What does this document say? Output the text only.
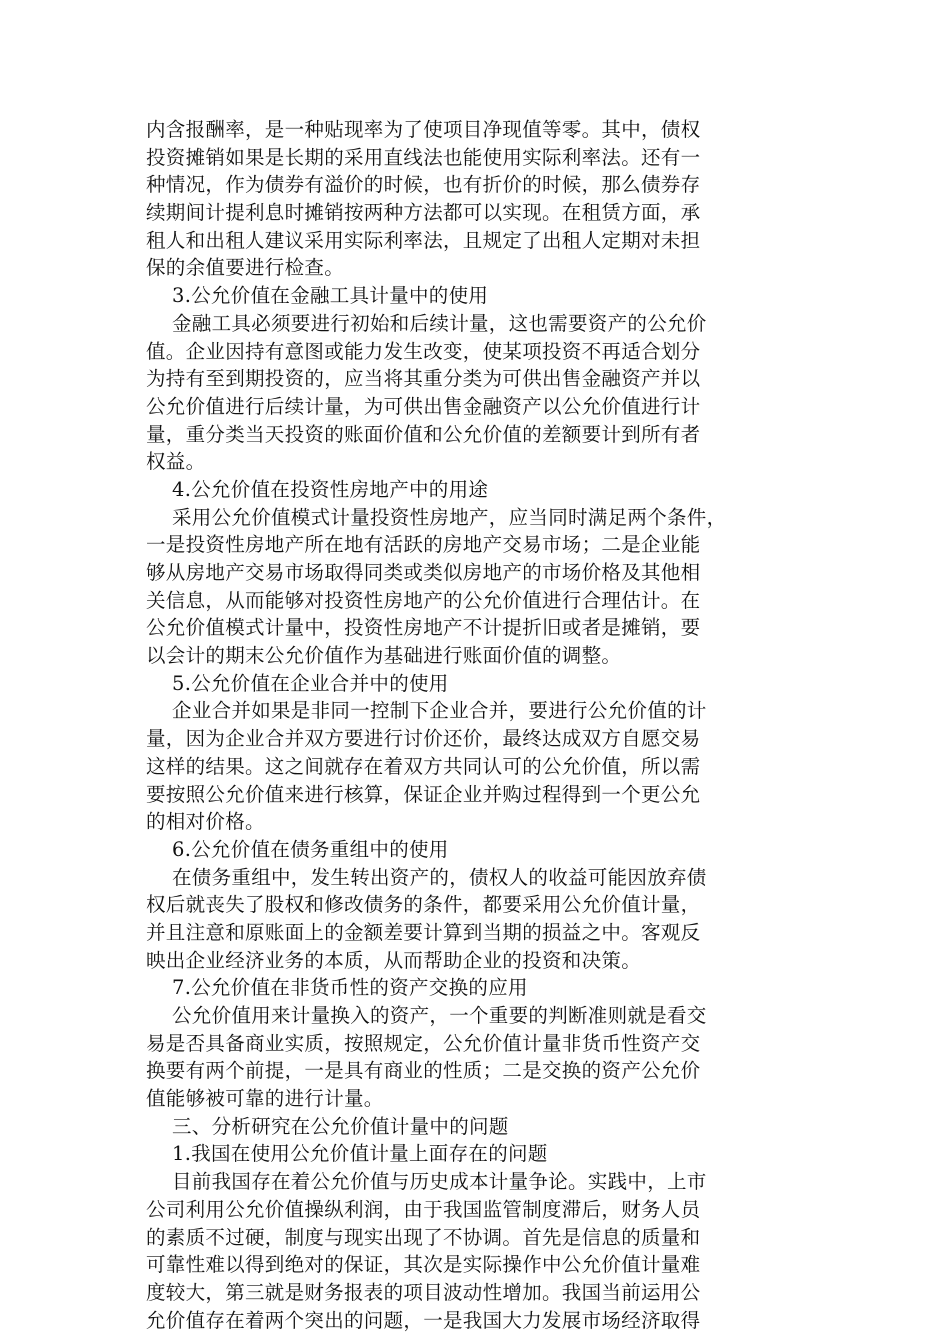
内含报酬率，是一种贴现率为了使项目净现值等零。其中，债权
投资摊销如果是长期的采用直线法也能使用实际利率法。还有一
种情况，作为债券有溢价的时候，也有折价的时候，那么债券存
续期间计提利息时摊销按两种方法都可以实现。在租赁方面，承
租人和出租人建议采用实际利率法，且规定了出租人定期对未担
保的余值要进行检查。
3.公允价值在金融工具计量中的使用
金融工具必须要进行初始和后续计量，这也需要资产的公允价
值。企业因持有意图或能力发生改变，使某项投资不再适合划分
为持有至到期投资的，应当将其重分类为可供出售金融资产并以
公允价值进行后续计量，为可供出售金融资产以公允价值进行计
量，重分类当天投资的账面价值和公允价值的差额要计到所有者
权益。
4.公允价值在投资性房地产中的用途
采用公允价值模式计量投资性房地产，应当同时满足两个条件，
一是投资性房地产所在地有活跃的房地产交易市场；二是企业能
够从房地产交易市场取得同类或类似房地产的市场价格及其他相
关信息，从而能够对投资性房地产的公允价值进行合理估计。在
公允价值模式计量中，投资性房地产不计提折旧或者是摊销，要
以会计的期末公允价值作为基础进行账面价值的调整。
5.公允价值在企业合并中的使用
企业合并如果是非同一控制下企业合并，要进行公允价值的计
量，因为企业合并双方要进行讨价还价，最终达成双方自愿交易
这样的结果。这之间就存在着双方共同认可的公允价值，所以需
要按照公允价值来进行核算，保证企业并购过程得到一个更公允
的相对价格。
6.公允价值在债务重组中的使用
在债务重组中，发生转出资产的，债权人的收益可能因放弃债
权后就丧失了股权和修改债务的条件，都要采用公允价值计量，
并且注意和原账面上的金额差要计算到当期的损益之中。客观反
映出企业经济业务的本质，从而帮助企业的投资和决策。
7.公允价值在非货币性的资产交换的应用
公允价值用来计量换入的资产，一个重要的判断准则就是看交
易是否具备商业实质，按照规定，公允价值计量非货币性资产交
换要有两个前提，一是具有商业的性质；二是交换的资产公允价
值能够被可靠的进行计量。
三、分析研究在公允价值计量中的问题
1.我国在使用公允价值计量上面存在的问题
目前我国存在着公允价值与历史成本计量争论。实践中，上市
公司利用公允价值操纵利润，由于我国监管制度滞后，财务人员
的素质不过硬，制度与现实出现了不协调。首先是信息的质量和
可靠性难以得到绝对的保证，其次是实际操作中公允价值计量难
度较大，第三就是财务报表的项目波动性增加。我国当前运用公
允价值存在着两个突出的问题，一是我国大力发展市场经济取得
